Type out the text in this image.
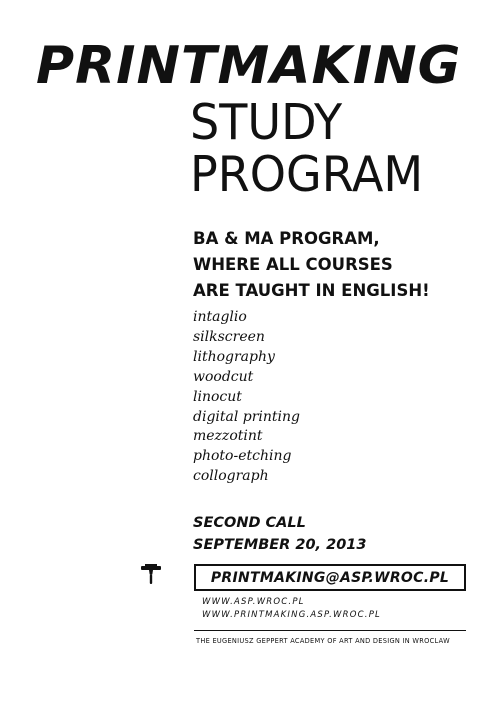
PRINTMAKING
STUDY
PROGRAM
BA & MA PROGRAM,
WHERE ALL COURSES
ARE TAUGHT IN ENGLISH!
intaglio
silkscreen
lithography
woodcut
linocut
digital printing
mezzotint
photo-etching
collograph
SECOND CALL
SEPTEMBER 20, 2013
PRINTMAKING@ASP.WROC.PL
WWW.ASP.WROC.PL
WWW.PRINTMAKING.ASP.WROC.PL
THE EUGENIUSZ GEPPERT ACADEMY OF ART AND DESIGN IN WROCLAW
